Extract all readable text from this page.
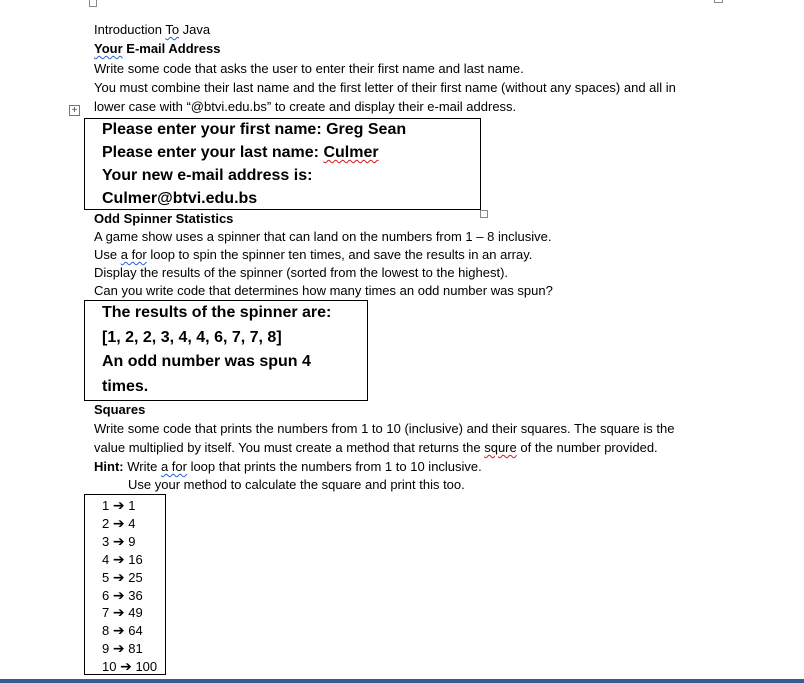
Introduction To Java
Your E-mail Address
Write some code that asks the user to enter their first name and last name.
You must combine their last name and the first letter of their first name (without any spaces) and all in
lower case with “@btvi.edu.bs” to create and display their e-mail address.
+
Please enter your first name: Greg Sean
Please enter your last name: Culmer
Your new e-mail address is:
Culmer@btvi.edu.bs
Odd Spinner Statistics
A game show uses a spinner that can land on the numbers from 1 – 8 inclusive.
Use a for loop to spin the spinner ten times, and save the results in an array.
Display the results of the spinner (sorted from the lowest to the highest).
Can you write code that determines how many times an odd number was spun?
The results of the spinner are:
[1, 2, 2, 3, 4, 4, 6, 7, 7, 8]
An odd number was spun 4
times.
Squares
Write some code that prints the numbers from 1 to 10 (inclusive) and their squares. The square is the
value multiplied by itself. You must create a method that returns the squre of the number provided.
Hint: Write a for loop that prints the numbers from 1 to 10 inclusive.
Use your method to calculate the square and print this too.
1 ➔ 1
2 ➔ 4
3 ➔ 9
4 ➔ 16
5 ➔ 25
6 ➔ 36
7 ➔ 49
8 ➔ 64
9 ➔ 81
10 ➔ 100
